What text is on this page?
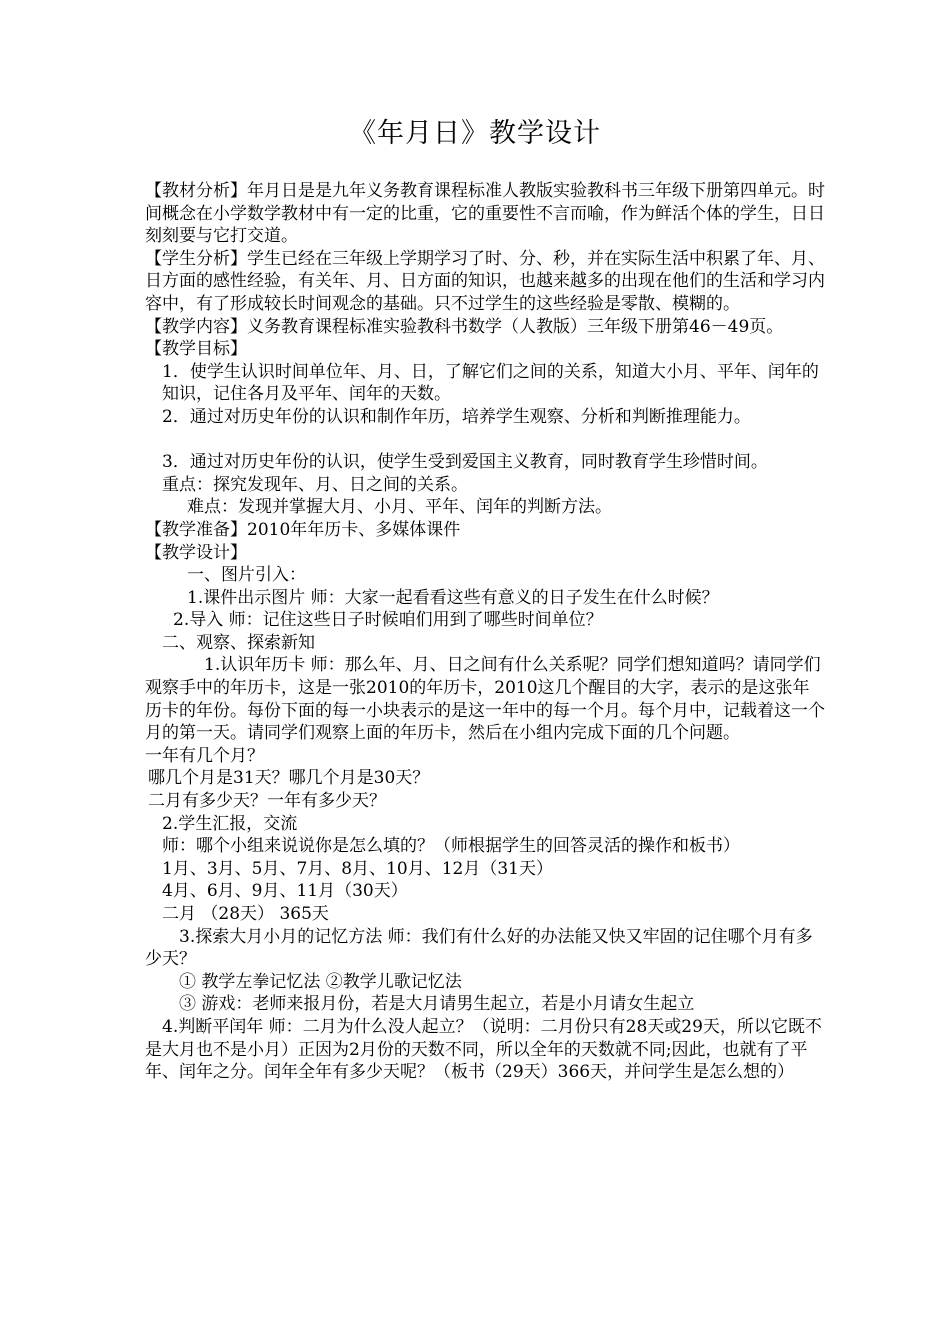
《年月日》教学设计

【教材分析】年月日是是九年义务教育课程标准人教版实验教科书三年级下册第四单元。时间概念在小学数学教材中有一定的比重，它的重要性不言而喻，作为鲜活个体的学生，日日刻刻要与它打交道。

【学生分析】学生已经在三年级上学期学习了时、分、秒，并在实际生活中积累了年、月、日方面的感性经验，有关年、月、日方面的知识，也越来越多的出现在他们的生活和学习内容中，有了形成较长时间观念的基础。只不过学生的这些经验是零散、模糊的。

【教学内容】义务教育课程标准实验教科书数学（人教版）三年级下册第46－49页。

【教学目标】

1．使学生认识时间单位年、月、日，了解它们之间的关系，知道大小月、平年、闰年的知识，记住各月及平年、闰年的天数。

2．通过对历史年份的认识和制作年历，培养学生观察、分析和判断推理能力。

3．通过对历史年份的认识，使学生受到爱国主义教育，同时教育学生珍惜时间。

重点：探究发现年、月、日之间的关系。

难点：发现并掌握大月、小月、平年、闰年的判断方法。

【教学准备】2010年年历卡、多媒体课件

【教学设计】

一、图片引入：

1.课件出示图片 师：大家一起看看这些有意义的日子发生在什么时候？

2.导入 师：记住这些日子时候咱们用到了哪些时间单位？

二、观察、探索新知

1.认识年历卡 师：那么年、月、日之间有什么关系呢？同学们想知道吗？请同学们观察手中的年历卡，这是一张2010的年历卡，2010这几个醒目的大字，表示的是这张年历卡的年份。每份下面的每一小块表示的是这一年中的每一个月。每个月中，记载着这一个月的第一天。请同学们观察上面的年历卡，然后在小组内完成下面的几个问题。

一年有几个月？

哪几个月是31天？哪几个月是30天？

二月有多少天？一年有多少天？

2.学生汇报，交流

师：哪个小组来说说你是怎么填的？（师根据学生的回答灵活的操作和板书）

1月、3月、5月、7月、8月、10月、12月（31天）

4月、6月、9月、11月（30天）

二月 （28天） 365天

3.探索大月小月的记忆方法 师：我们有什么好的办法能又快又牢固的记住哪个月有多少天？

① 教学左拳记忆法 ②教学儿歌记忆法

③ 游戏：老师来报月份，若是大月请男生起立，若是小月请女生起立

4.判断平闰年 师：二月为什么没人起立？（说明：二月份只有28天或29天，所以它既不是大月也不是小月）正因为2月份的天数不同，所以全年的天数就不同;因此，也就有了平年、闰年之分。闰年全年有多少天呢？（板书（29天）366天，并问学生是怎么想的）
